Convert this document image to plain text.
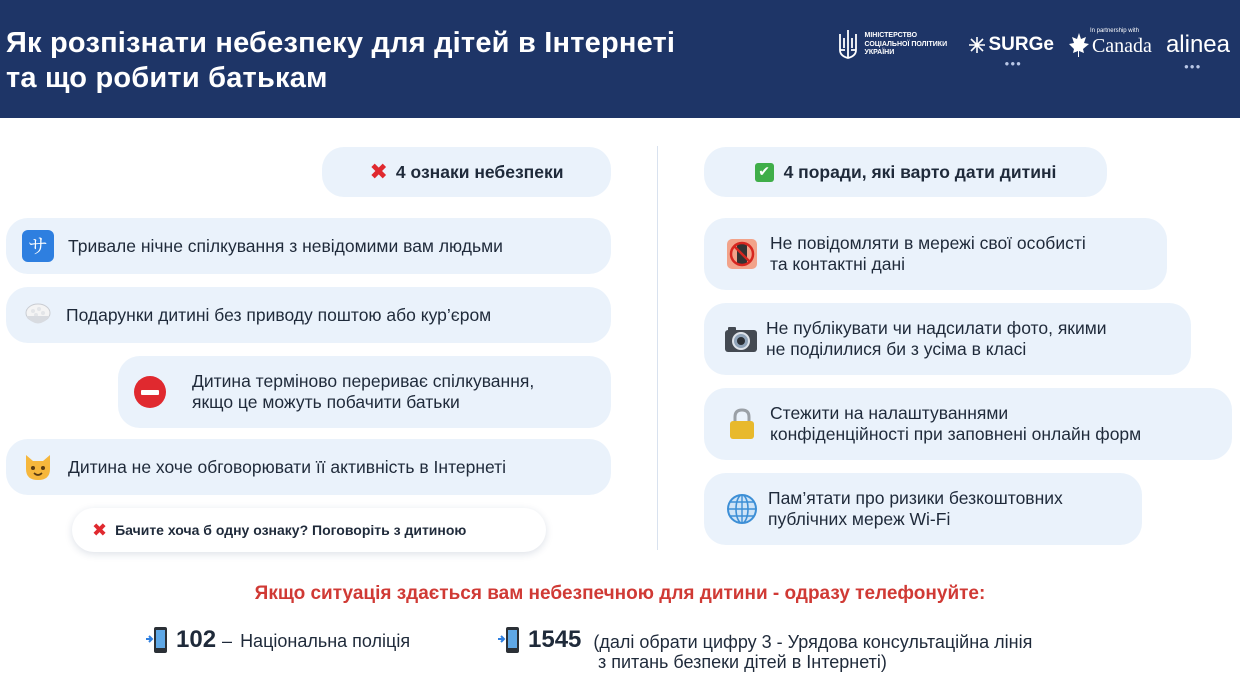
Як розпізнати небезпеку для дітей в Інтернеті
та що робити батькам
МІНІСТЕРСТВО СОЦІАЛЬНОЇ ПОЛІТИКИ УКРАЇНИ	SURGe
●●●
In partnership with
Canada alinea
●●●
✖ 4 ознаки небезпеки
サ	Тривале нічне спілкування з невідомими вам людьми
Подарунки дитині без приводу поштою або кур’єром
Дитина терміново перериває спілкування,
якщо це можуть побачити батьки
Дитина не хоче обговорювати її активність в Інтернеті
✖ Бачите хоча б одну ознаку? Поговоріть з дитиною
✔ 4 поради, які варто дати дитині
Не повідомляти в мережі свої особисті
та контактні дані
Не публікувати чи надсилати фото, якими
не поділилися би з усіма в класі
Стежити на налаштуваннями
конфіденційності при заповнені онлайн форм
Пам’ятати про ризики безкоштовних
публічних мереж Wi-Fi
Якщо ситуація здається вам небезпечною для дитини - одразу телефонуйте:
102 – Національна поліція	1545 (далі обрати цифру 3 - Урядова консультаційна лінія
з питань безпеки дітей в Інтернеті)
